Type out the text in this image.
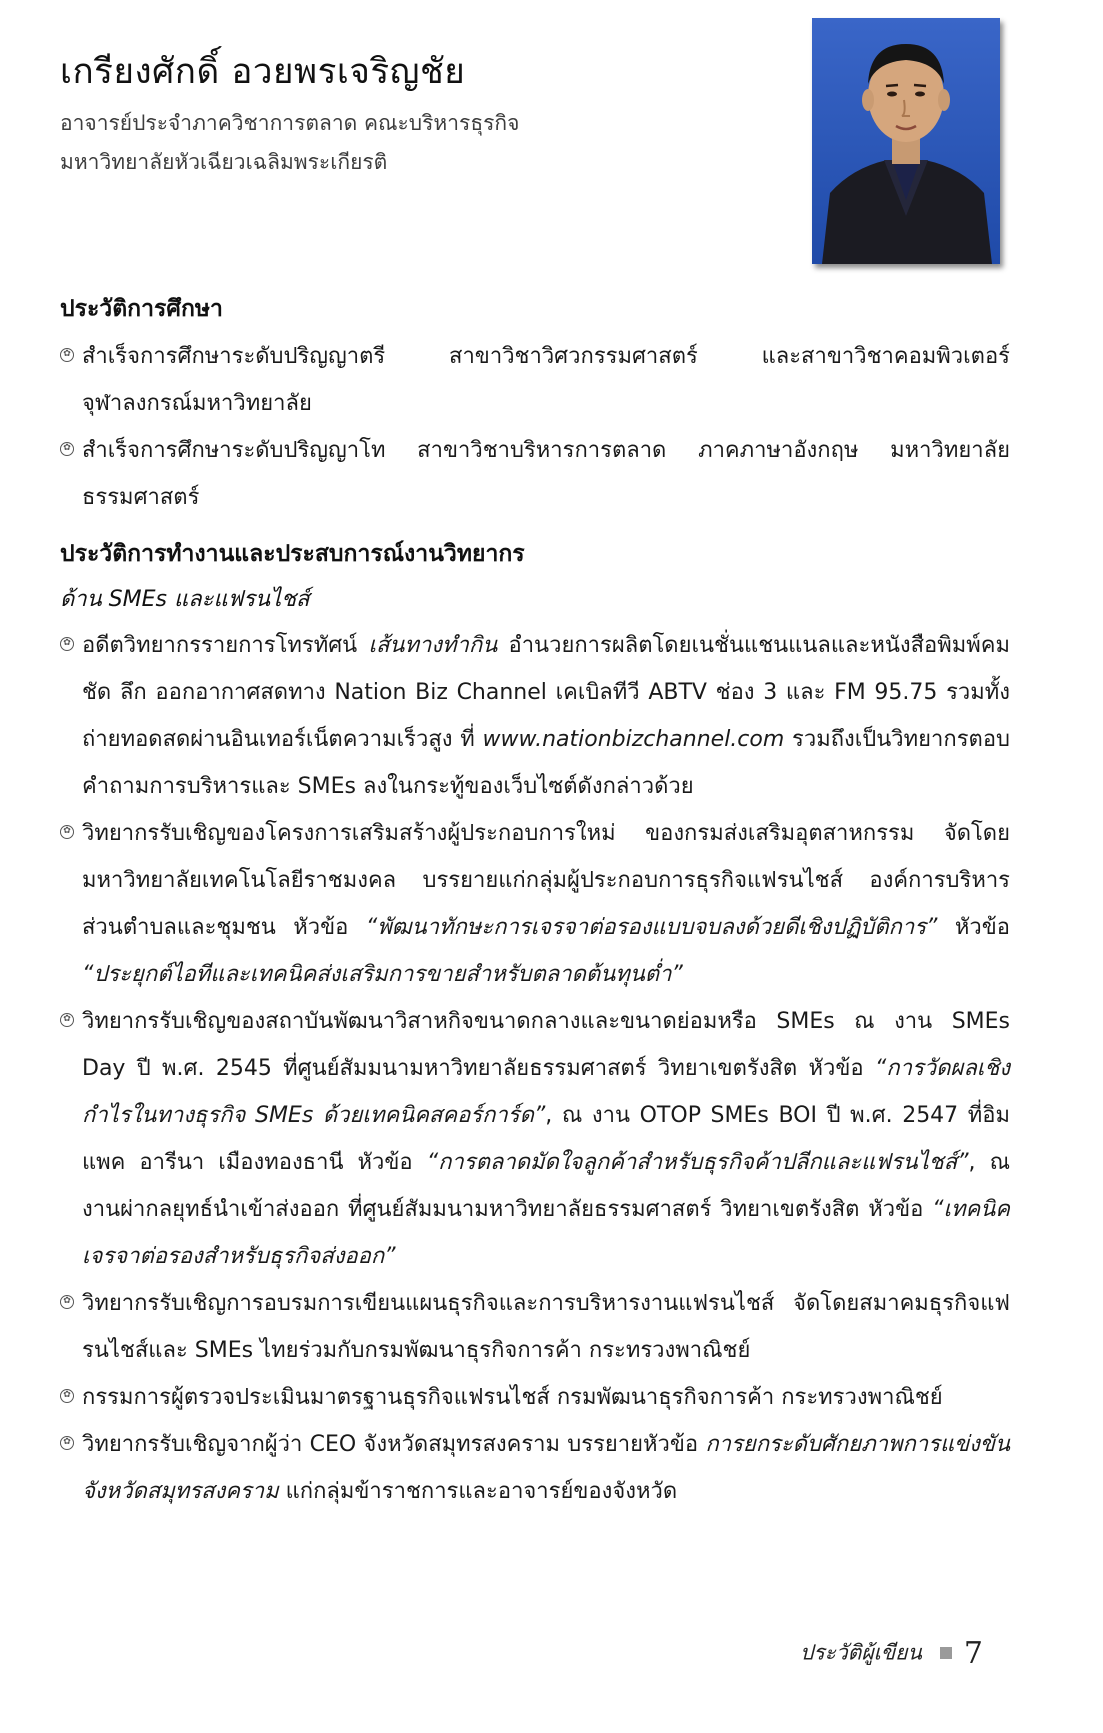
เกรียงศักดิ์ อวยพรเจริญชัย
อาจารย์ประจำภาควิชาการตลาด คณะบริหารธุรกิจ
มหาวิทยาลัยหัวเฉียวเฉลิมพระเกียรติ
ประวัติการศึกษา
✿ สำเร็จการศึกษาระดับปริญญาตรี สาขาวิชาวิศวกรรมศาสตร์ และสาขาวิชาคอมพิวเตอร์ จุฬาลงกรณ์มหาวิทยาลัย
✿ สำเร็จการศึกษาระดับปริญญาโท สาขาวิชาบริหารการตลาด ภาคภาษาอังกฤษ มหาวิทยาลัยธรรมศาสตร์
ประวัติการทำงานและประสบการณ์งานวิทยากร
ด้าน SMEs และแฟรนไชส์
✿ อดีตวิทยากรรายการโทรทัศน์ เส้นทางทำกิน อำนวยการผลิตโดยเนชั่นแชนแนลและหนังสือพิมพ์คม ชัด ลึก ออกอากาศสดทาง Nation Biz Channel เคเบิลทีวี ABTV ช่อง 3 และ FM 95.75 รวมทั้งถ่ายทอดสดผ่านอินเทอร์เน็ตความเร็วสูง ที่ www.nationbizchannel.com รวมถึงเป็นวิทยากรตอบคำถามการบริหารและ SMEs ลงในกระทู้ของเว็บไซต์ดังกล่าวด้วย
✿ วิทยากรรับเชิญของโครงการเสริมสร้างผู้ประกอบการใหม่ ของกรมส่งเสริมอุตสาหกรรม จัดโดยมหาวิทยาลัยเทคโนโลยีราชมงคล บรรยายแก่กลุ่มผู้ประกอบการธุรกิจแฟรนไชส์ องค์การบริหารส่วนตำบลและชุมชน หัวข้อ “พัฒนาทักษะการเจรจาต่อรองแบบจบลงด้วยดีเชิงปฏิบัติการ” หัวข้อ “ประยุกต์ไอทีและเทคนิคส่งเสริมการขายสำหรับตลาดต้นทุนต่ำ”
✿ วิทยากรรับเชิญของสถาบันพัฒนาวิสาหกิจขนาดกลางและขนาดย่อมหรือ SMEs ณ งาน SMEs Day ปี พ.ศ. 2545 ที่ศูนย์สัมมนามหาวิทยาลัยธรรมศาสตร์ วิทยาเขตรังสิต หัวข้อ “การวัดผลเชิงกำไรในทางธุรกิจ SMEs ด้วยเทคนิคสคอร์การ์ด”, ณ งาน OTOP SMEs BOI ปี พ.ศ. 2547 ที่อิมแพค อารีนา เมืองทองธานี หัวข้อ “การตลาดมัดใจลูกค้าสำหรับธุรกิจค้าปลีกและแฟรนไชส์”, ณ งานผ่ากลยุทธ์นำเข้าส่งออก ที่ศูนย์สัมมนามหาวิทยาลัยธรรมศาสตร์ วิทยาเขตรังสิต หัวข้อ “เทคนิคเจรจาต่อรองสำหรับธุรกิจส่งออก”
✿ วิทยากรรับเชิญการอบรมการเขียนแผนธุรกิจและการบริหารงานแฟรนไชส์ จัดโดยสมาคมธุรกิจแฟรนไชส์และ SMEs ไทยร่วมกับกรมพัฒนาธุรกิจการค้า กระทรวงพาณิชย์
✿ กรรมการผู้ตรวจประเมินมาตรฐานธุรกิจแฟรนไชส์ กรมพัฒนาธุรกิจการค้า กระทรวงพาณิชย์
✿ วิทยากรรับเชิญจากผู้ว่า CEO จังหวัดสมุทรสงคราม บรรยายหัวข้อ การยกระดับศักยภาพการแข่งขัน จังหวัดสมุทรสงคราม แก่กลุ่มข้าราชการและอาจารย์ของจังหวัด
ประวัติผู้เขียน 7
